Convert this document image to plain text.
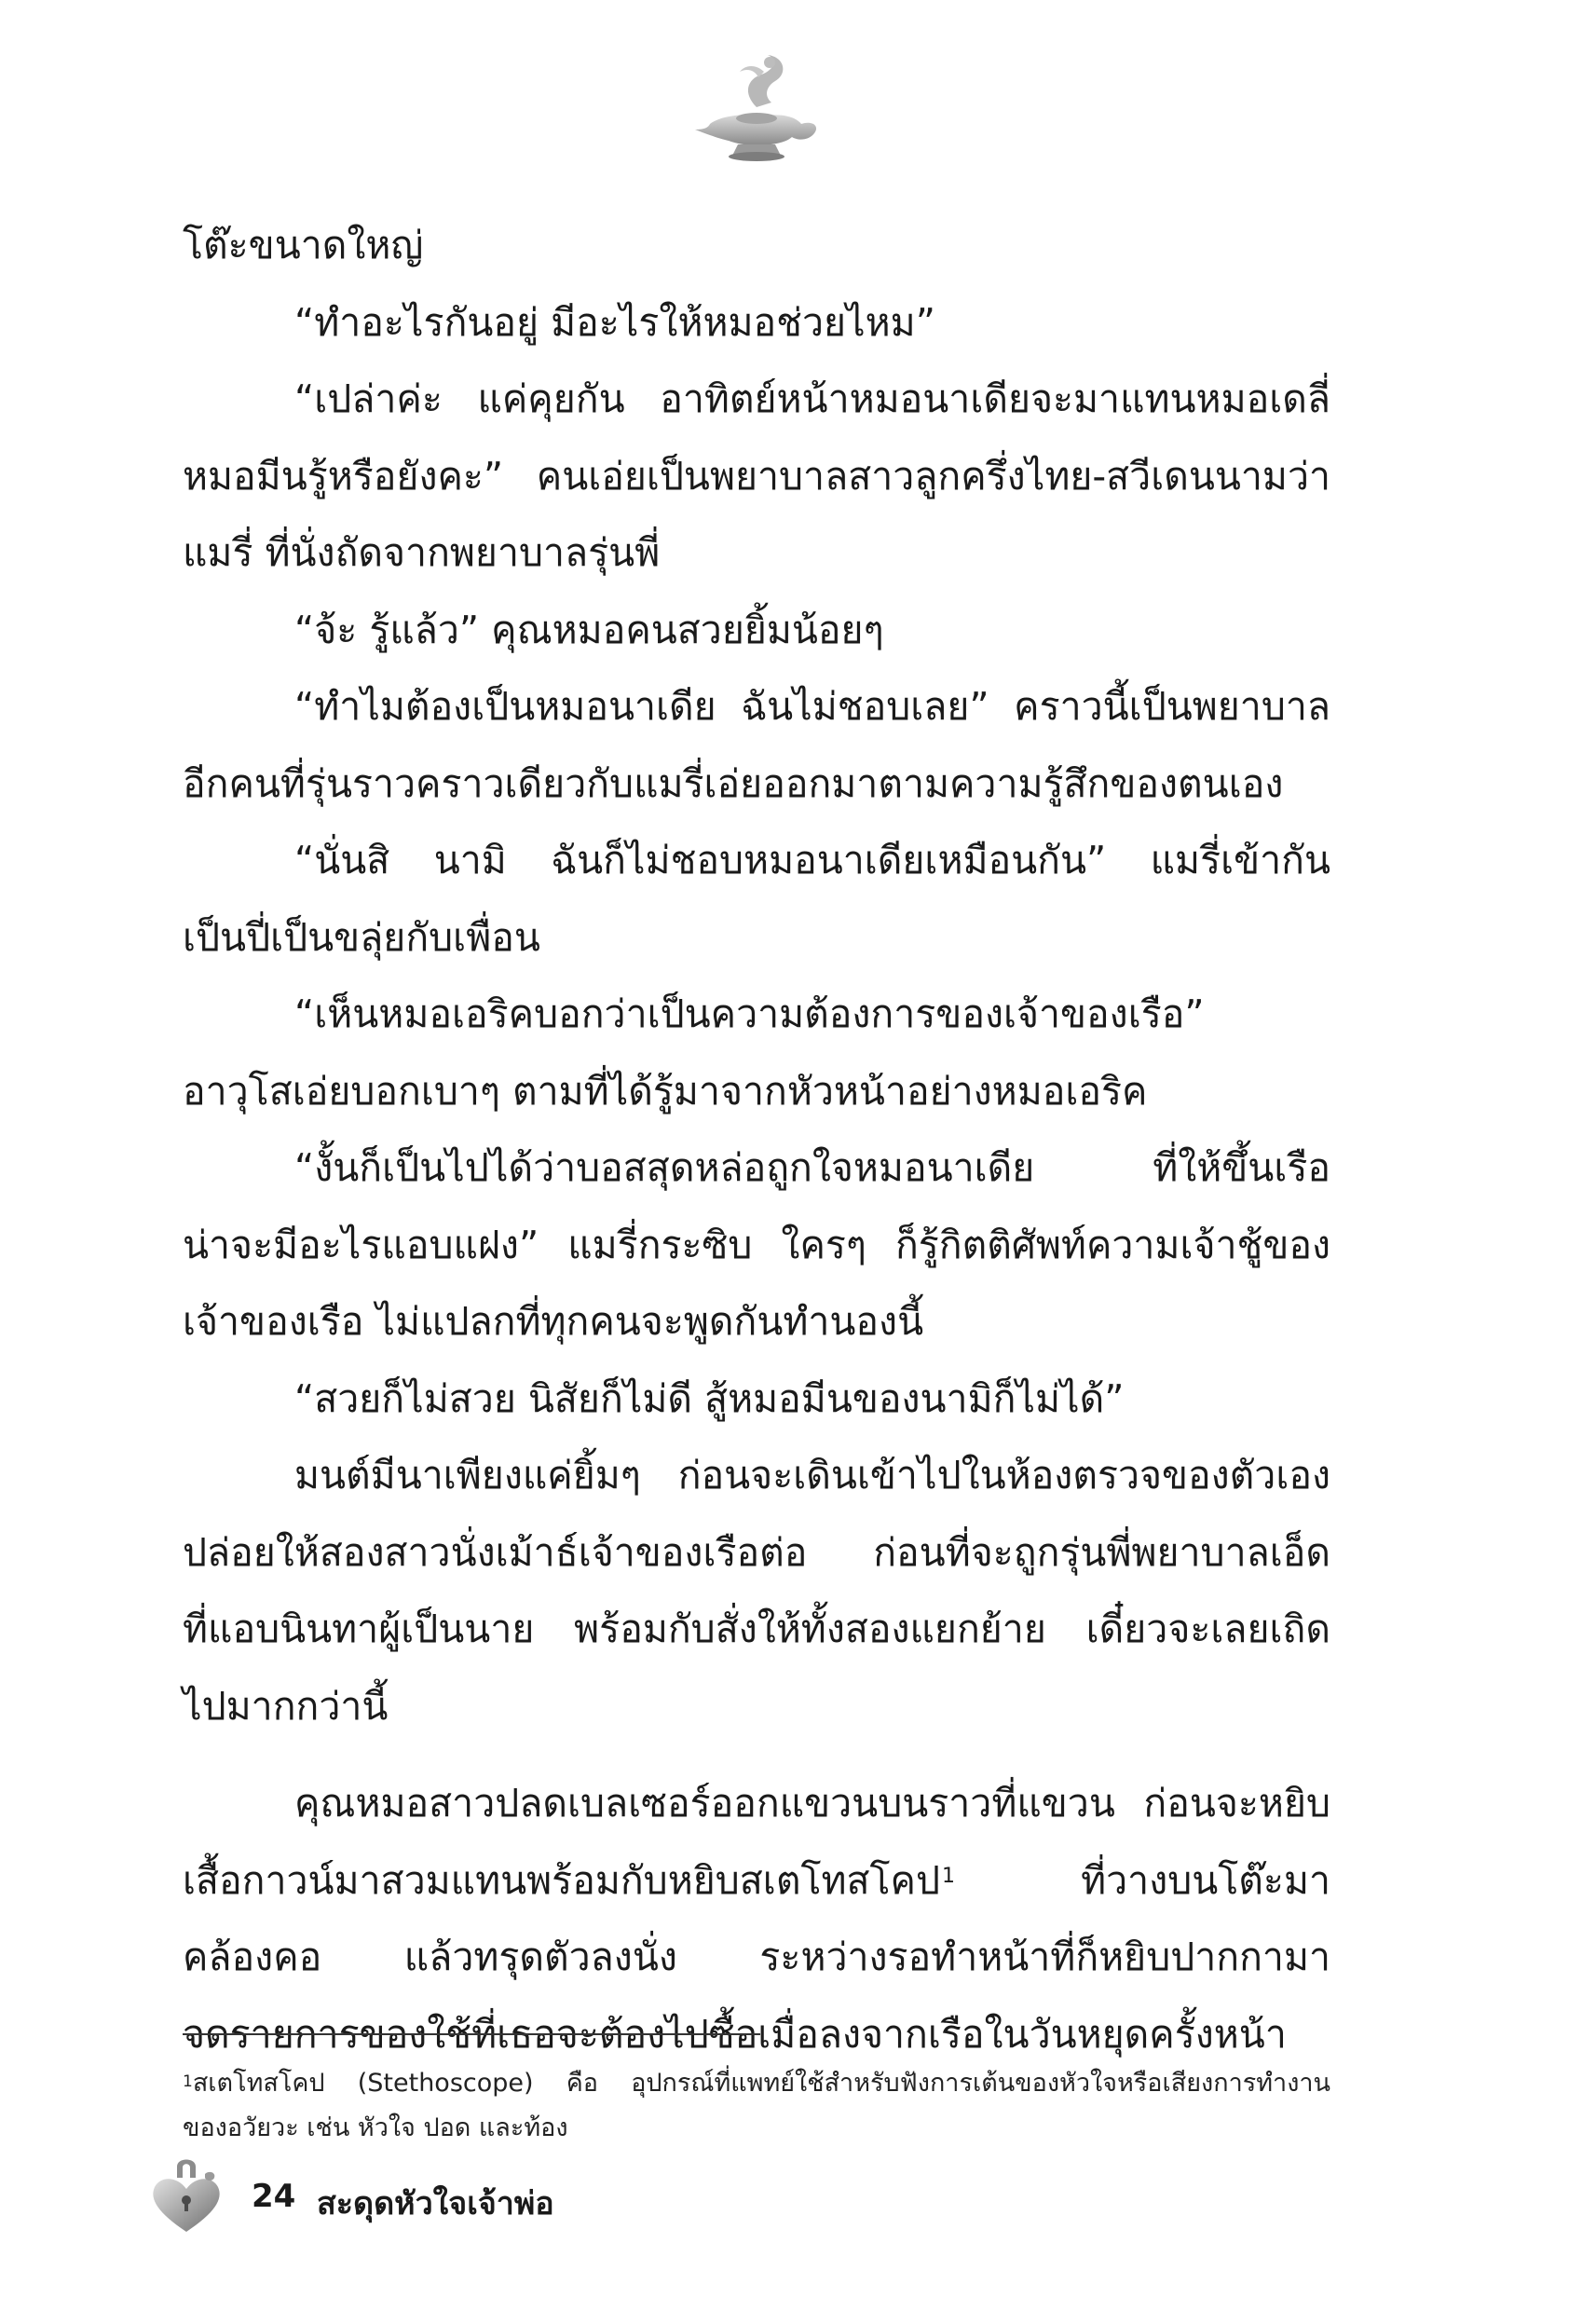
โต๊ะขนาดใหญ่
“ทำอะไรกันอยู่ มีอะไรให้หมอช่วยไหม”
“เปล่าค่ะ แค่คุยกัน อาทิตย์หน้าหมอนาเดียจะมาแทนหมอเดลี่
หมอมีนรู้หรือยังคะ” คนเอ่ยเป็นพยาบาลสาวลูกครึ่งไทย-สวีเดนนามว่า
แมรี่ ที่นั่งถัดจากพยาบาลรุ่นพี่
“จ้ะ รู้แล้ว” คุณหมอคนสวยยิ้มน้อยๆ
“ทำไมต้องเป็นหมอนาเดีย ฉันไม่ชอบเลย” คราวนี้เป็นพยาบาล
อีกคนที่รุ่นราวคราวเดียวกับแมรี่เอ่ยออกมาตามความรู้สึกของตนเอง
“นั่นสิ นามิ ฉันก็ไม่ชอบหมอนาเดียเหมือนกัน” แมรี่เข้ากัน
เป็นปี่เป็นขลุ่ยกับเพื่อน
“เห็นหมอเอริคบอกว่าเป็นความต้องการของเจ้าของเรือ”
อาวุโสเอ่ยบอกเบาๆ ตามที่ได้รู้มาจากหัวหน้าอย่างหมอเอริค
“งั้นก็เป็นไปได้ว่าบอสสุดหล่อถูกใจหมอนาเดีย ที่ให้ขึ้นเรือ
น่าจะมีอะไรแอบแฝง” แมรี่กระซิบ ใครๆ ก็รู้กิตติศัพท์ความเจ้าชู้ของ
เจ้าของเรือ ไม่แปลกที่ทุกคนจะพูดกันทำนองนี้
“สวยก็ไม่สวย นิสัยก็ไม่ดี สู้หมอมีนของนามิก็ไม่ได้”
มนต์มีนาเพียงแค่ยิ้มๆ ก่อนจะเดินเข้าไปในห้องตรวจของตัวเอง
ปล่อยให้สองสาวนั่งเม้าธ์เจ้าของเรือต่อ ก่อนที่จะถูกรุ่นพี่พยาบาลเอ็ด
ที่แอบนินทาผู้เป็นนาย พร้อมกับสั่งให้ทั้งสองแยกย้าย เดี๋ยวจะเลยเถิด
ไปมากกว่านี้
คุณหมอสาวปลดเบลเซอร์ออกแขวนบนราวที่แขวน ก่อนจะหยิบ
เสื้อกาวน์มาสวมแทนพร้อมกับหยิบสเตโทสโคป$^1$	ที่วางบนโต๊ะมา
คล้องคอ แล้วทรุดตัวลงนั่ง ระหว่างรอทำหน้าที่ก็หยิบปากกามา
จดรายการของใช้ที่เธอจะต้องไปซื้อเมื่อลงจากเรือในวันหยุดครั้งหน้า
$^1$สเตโทสโคป (Stethoscope) คือ อุปกรณ์ที่แพทย์ใช้สำหรับฟังการเต้นของหัวใจหรือเสียงการทำงาน
ของอวัยวะ เช่น หัวใจ ปอด และท้อง
24 สะดุดหัวใจเจ้าพ่อ
